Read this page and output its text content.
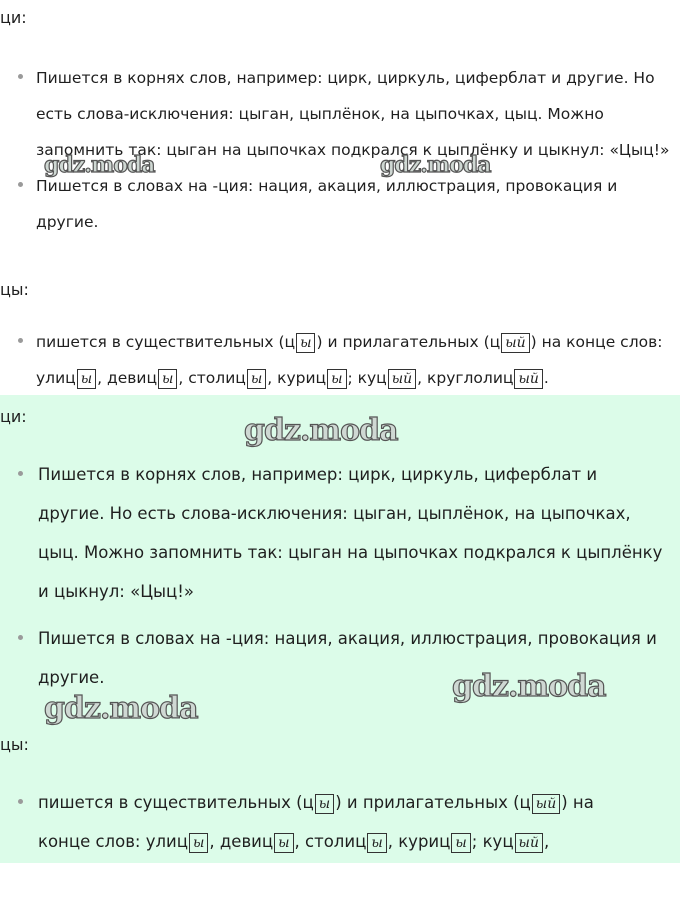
ци:
Пишется в корнях слов, например: цирк, циркуль, циферблат и другие. Но есть слова-исключения: цыган, цыплёнок, на цыпочках, цыц. Можно запомнить так: цыган на цыпочках подкрался к цыплёнку и цыкнул: «Цыц!»
Пишется в словах на -ция: нация, акация, иллюстрация, провокация и другие.
цы:
пишется в существительных (ц ы ) и прилагательных (ц ый ) на конце слов: улиц ы , девиц ы , столиц ы , куриц ы ; куц ый , круглолиц ый .
gdz.moda	gdz.moda
ци:
Пишется в корнях слов, например: цирк, циркуль, циферблат и другие. Но есть слова-исключения: цыган, цыплёнок, на цыпочках, цыц. Можно запомнить так: цыган на цыпочках подкрался к цыплёнку и цыкнул: «Цыц!»
Пишется в словах на -ция: нация, акация, иллюстрация, провокация и другие.
цы:
пишется в существительных (ц ы ) и прилагательных (ц ый ) на конце слов: улиц ы , девиц ы , столиц ы , куриц ы ; куц ый ,
gdz.moda
gdz.moda
gdz.moda
